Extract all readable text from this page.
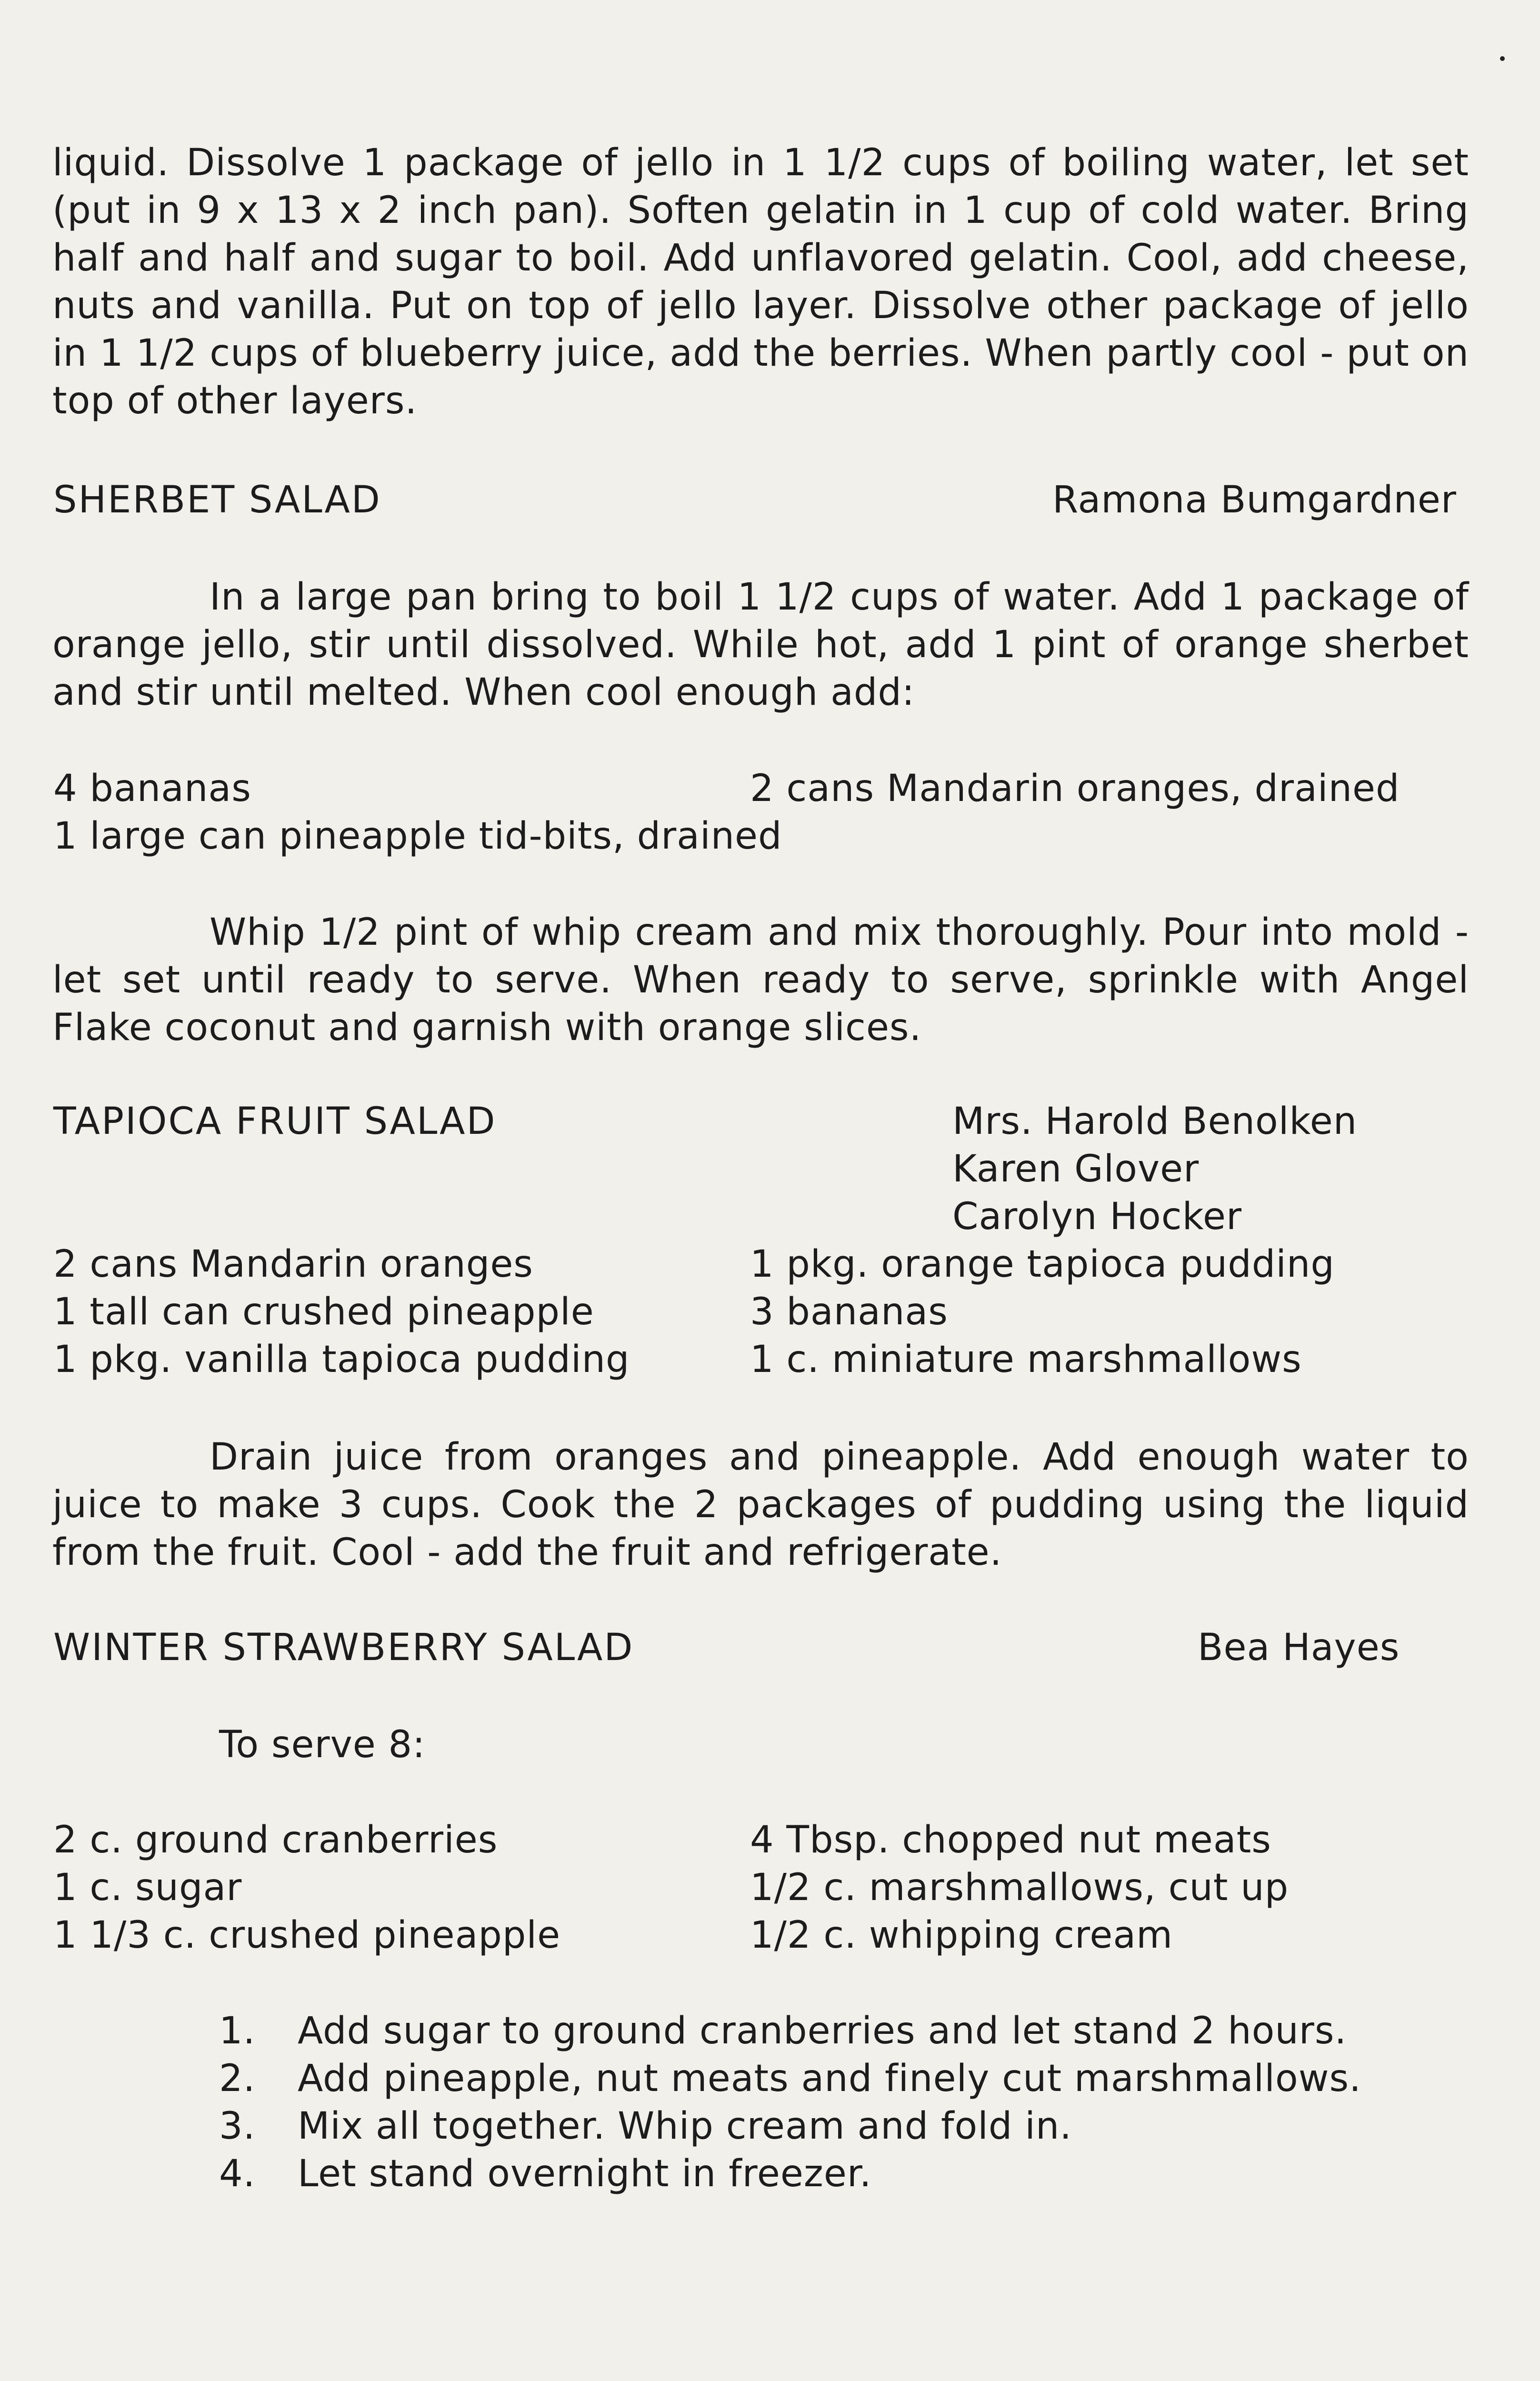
liquid. Dissolve 1 package of jello in 1 1/2 cups of boiling water, let set (put in 9 x 13 x 2 inch pan). Soften gelatin in 1 cup of cold water. Bring half and half and sugar to boil. Add unflavored gelatin. Cool, add cheese, nuts and vanilla. Put on top of jello layer. Dissolve other package of jello in 1 1/2 cups of blueberry juice, add the berries. When partly cool - put on top of other layers.
SHERBET SALAD	Ramona Bumgardner
In a large pan bring to boil 1 1/2 cups of water. Add 1 package of orange jello, stir until dissolved. While hot, add 1 pint of orange sherbet and stir until melted. When cool enough add:
4 bananas	2 cans Mandarin oranges, drained
1 large can pineapple tid-bits, drained
Whip 1/2 pint of whip cream and mix thoroughly. Pour into mold - let set until ready to serve. When ready to serve, sprinkle with Angel Flake coconut and garnish with orange slices.
TAPIOCA FRUIT SALAD	Mrs. Harold Benolken
Karen Glover
Carolyn Hocker
2 cans Mandarin oranges	1 pkg. orange tapioca pudding
1 tall can crushed pineapple	3 bananas
1 pkg. vanilla tapioca pudding	1 c. miniature marshmallows
Drain juice from oranges and pineapple. Add enough water to juice to make 3 cups. Cook the 2 packages of pudding using the liquid from the fruit. Cool - add the fruit and refrigerate.
WINTER STRAWBERRY SALAD	Bea Hayes
To serve 8:
2 c. ground cranberries	4 Tbsp. chopped nut meats
1 c. sugar	1/2 c. marshmallows, cut up
1 1/3 c. crushed pineapple	1/2 c. whipping cream
1. Add sugar to ground cranberries and let stand 2 hours.
2. Add pineapple, nut meats and finely cut marshmallows.
3. Mix all together. Whip cream and fold in.
4. Let stand overnight in freezer.
